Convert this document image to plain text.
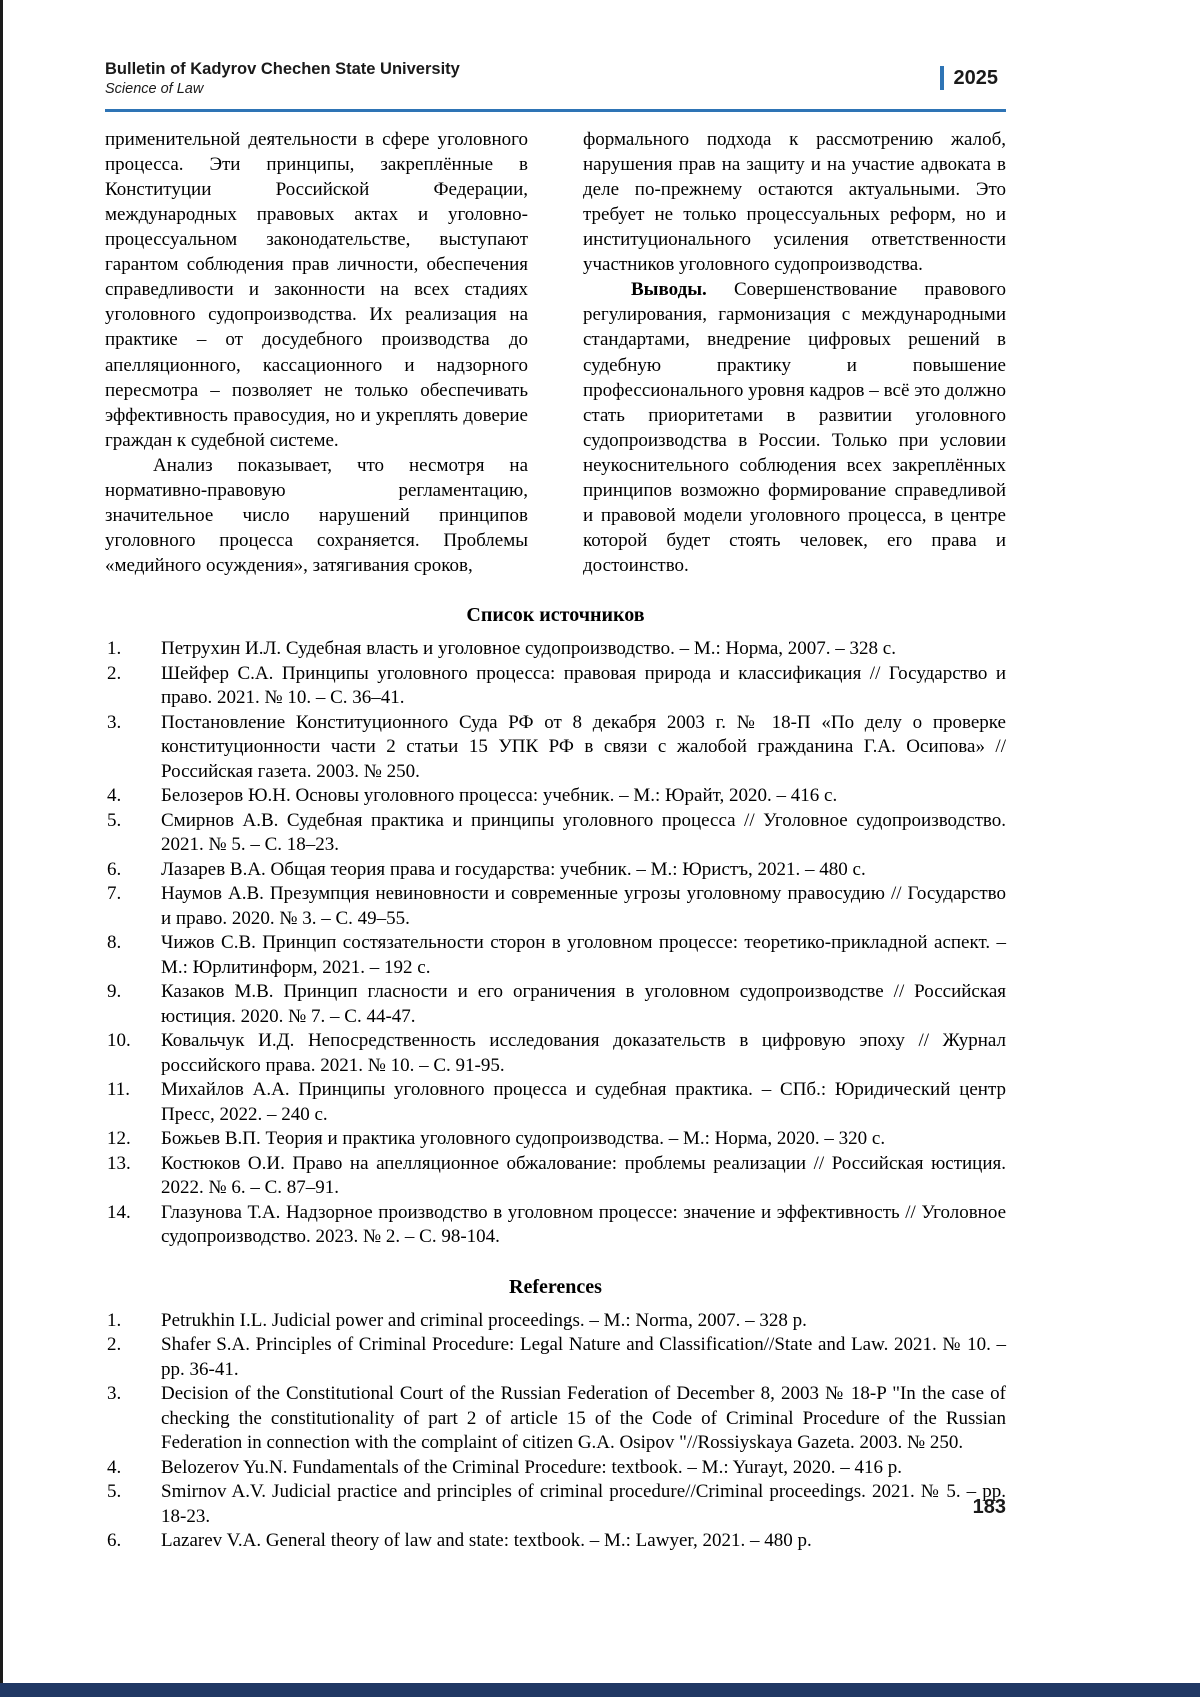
Bulletin of Kadyrov Chechen State University
Science of Law
2025

применительной деятельности в сфере уголовного процесса. Эти принципы, закреплённые в Конституции Российской Федерации, международных правовых актах и уголовно-процессуальном законодательстве, выступают гарантом соблюдения прав личности, обеспечения справедливости и законности на всех стадиях уголовного судопроизводства. Их реализация на практике – от досудебного производства до апелляционного, кассационного и надзорного пересмотра – позволяет не только обеспечивать эффективность правосудия, но и укреплять доверие граждан к судебной системе.

Анализ показывает, что несмотря на нормативно-правовую регламентацию, значительное число нарушений принципов уголовного процесса сохраняется. Проблемы «медийного осуждения», затягивания сроков,

формального подхода к рассмотрению жалоб, нарушения прав на защиту и на участие адвоката в деле по-прежнему остаются актуальными. Это требует не только процессуальных реформ, но и институционального усиления ответственности участников уголовного судопроизводства.

Выводы. Совершенствование правового регулирования, гармонизация с международными стандартами, внедрение цифровых решений в судебную практику и повышение профессионального уровня кадров – всё это должно стать приоритетами в развитии уголовного судопроизводства в России. Только при условии неукоснительного соблюдения всех закреплённых принципов возможно формирование справедливой и правовой модели уголовного процесса, в центре которой будет стоять человек, его права и достоинство.

Список источников
1.	Петрухин И.Л. Судебная власть и уголовное судопроизводство. – М.: Норма, 2007. – 328 с.
2.	Шейфер С.А. Принципы уголовного процесса: правовая природа и классификация // Государство и право. 2021. № 10. – С. 36–41.
3.	Постановление Конституционного Суда РФ от 8 декабря 2003 г. № 18-П «По делу о проверке конституционности части 2 статьи 15 УПК РФ в связи с жалобой гражданина Г.А. Осипова» // Российская газета. 2003. № 250.
4.	Белозеров Ю.Н. Основы уголовного процесса: учебник. – М.: Юрайт, 2020. – 416 с.
5.	Смирнов А.В. Судебная практика и принципы уголовного процесса // Уголовное судопроизводство. 2021. № 5. – С. 18–23.
6.	Лазарев В.А. Общая теория права и государства: учебник. – М.: Юристъ, 2021. – 480 с.
7.	Наумов А.В. Презумпция невиновности и современные угрозы уголовному правосудию // Государство и право. 2020. № 3. – С. 49–55.
8.	Чижов С.В. Принцип состязательности сторон в уголовном процессе: теоретико-прикладной аспект. – М.: Юрлитинформ, 2021. – 192 с.
9.	Казаков М.В. Принцип гласности и его ограничения в уголовном судопроизводстве // Российская юстиция. 2020. № 7. – С. 44-47.
10.	Ковальчук И.Д. Непосредственность исследования доказательств в цифровую эпоху // Журнал российского права. 2021. № 10. – С. 91-95.
11.	Михайлов А.А. Принципы уголовного процесса и судебная практика. – СПб.: Юридический центр Пресс, 2022. – 240 с.
12.	Божьев В.П. Теория и практика уголовного судопроизводства. – М.: Норма, 2020. – 320 с.
13.	Костюков О.И. Право на апелляционное обжалование: проблемы реализации // Российская юстиция. 2022. № 6. – С. 87–91.
14.	Глазунова Т.А. Надзорное производство в уголовном процессе: значение и эффективность // Уголовное судопроизводство. 2023. № 2. – С. 98-104.
References
1.	Petrukhin I.L. Judicial power and criminal proceedings. – M.: Norma, 2007. – 328 p.
2.	Shafer S.A. Principles of Criminal Procedure: Legal Nature and Classification//State and Law. 2021. № 10. – pp. 36-41.
3.	Decision of the Constitutional Court of the Russian Federation of December 8, 2003 № 18-P "In the case of checking the constitutionality of part 2 of article 15 of the Code of Criminal Procedure of the Russian Federation in connection with the complaint of citizen G.A. Osipov "//Rossiyskaya Gazeta. 2003. № 250.
4.	Belozerov Yu.N. Fundamentals of the Criminal Procedure: textbook. – M.: Yurayt, 2020. – 416 p.
5.	Smirnov A.V. Judicial practice and principles of criminal procedure//Criminal proceedings. 2021. № 5. – pp. 18-23.
6.	Lazarev V.A. General theory of law and state: textbook. – M.: Lawyer, 2021. – 480 p.
183
